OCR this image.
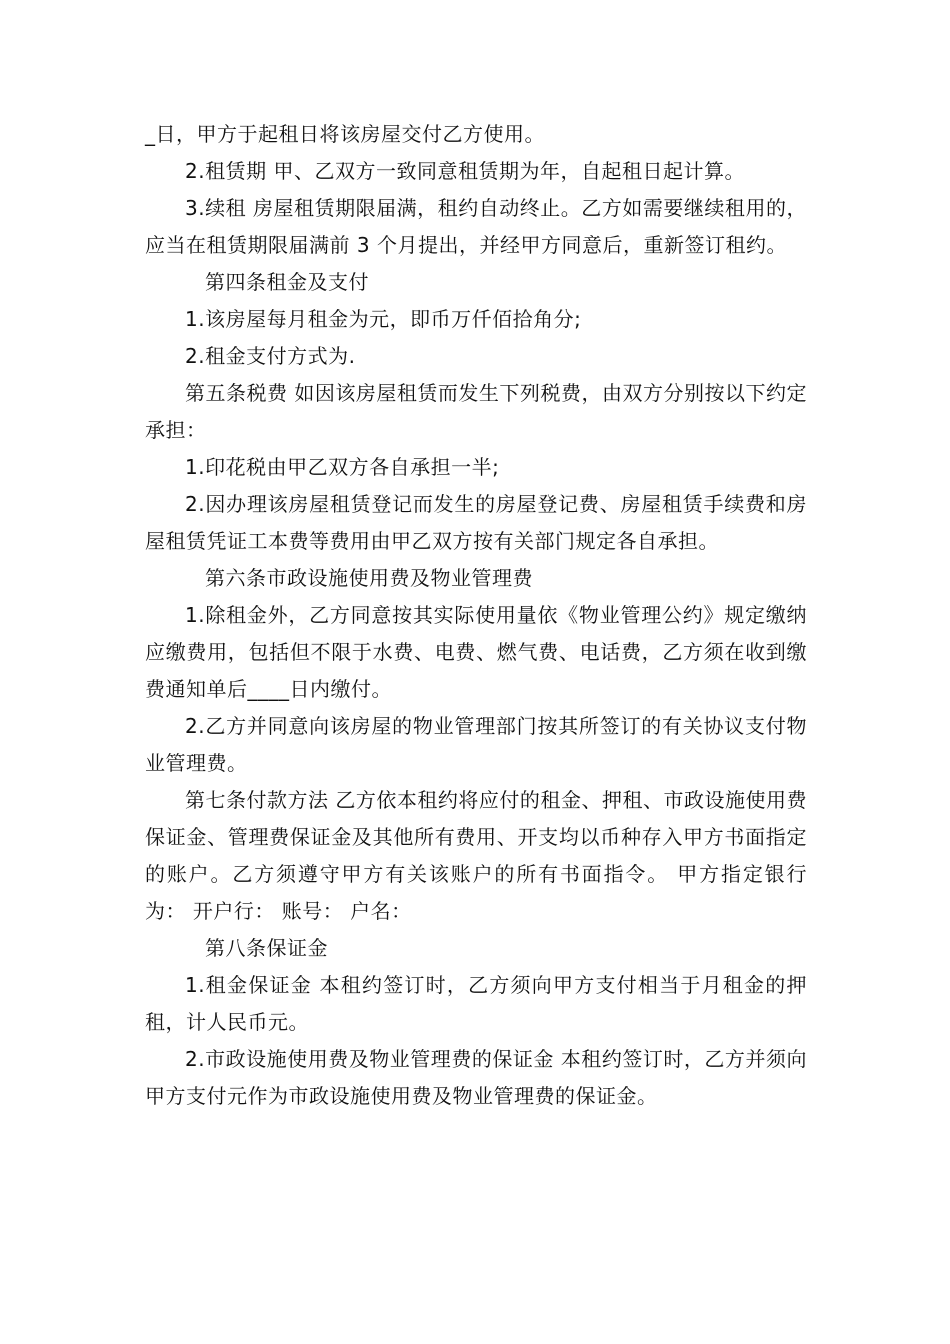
_日，甲方于起租日将该房屋交付乙方使用。

2.租赁期 甲、乙双方一致同意租赁期为年，自起租日起计算。

3.续租 房屋租赁期限届满，租约自动终止。乙方如需要继续租用的，应当在租赁期限届满前 3 个月提出，并经甲方同意后，重新签订租约。

第四条租金及支付

1.该房屋每月租金为元，即币万仟佰拾角分;

2.租金支付方式为.

第五条税费 如因该房屋租赁而发生下列税费，由双方分别按以下约定承担：

1.印花税由甲乙双方各自承担一半;

2.因办理该房屋租赁登记而发生的房屋登记费、房屋租赁手续费和房屋租赁凭证工本费等费用由甲乙双方按有关部门规定各自承担。

第六条市政设施使用费及物业管理费

1.除租金外，乙方同意按其实际使用量依《物业管理公约》规定缴纳应缴费用，包括但不限于水费、电费、燃气费、电话费，乙方须在收到缴费通知单后____日内缴付。

2.乙方并同意向该房屋的物业管理部门按其所签订的有关协议支付物业管理费。

第七条付款方法 乙方依本租约将应付的租金、押租、市政设施使用费保证金、管理费保证金及其他所有费用、开支均以币种存入甲方书面指定的账户。乙方须遵守甲方有关该账户的所有书面指令。 甲方指定银行为： 开户行： 账号： 户名：

第八条保证金

1.租金保证金 本租约签订时，乙方须向甲方支付相当于月租金的押租，计人民币元。

2.市政设施使用费及物业管理费的保证金 本租约签订时，乙方并须向甲方支付元作为市政设施使用费及物业管理费的保证金。
